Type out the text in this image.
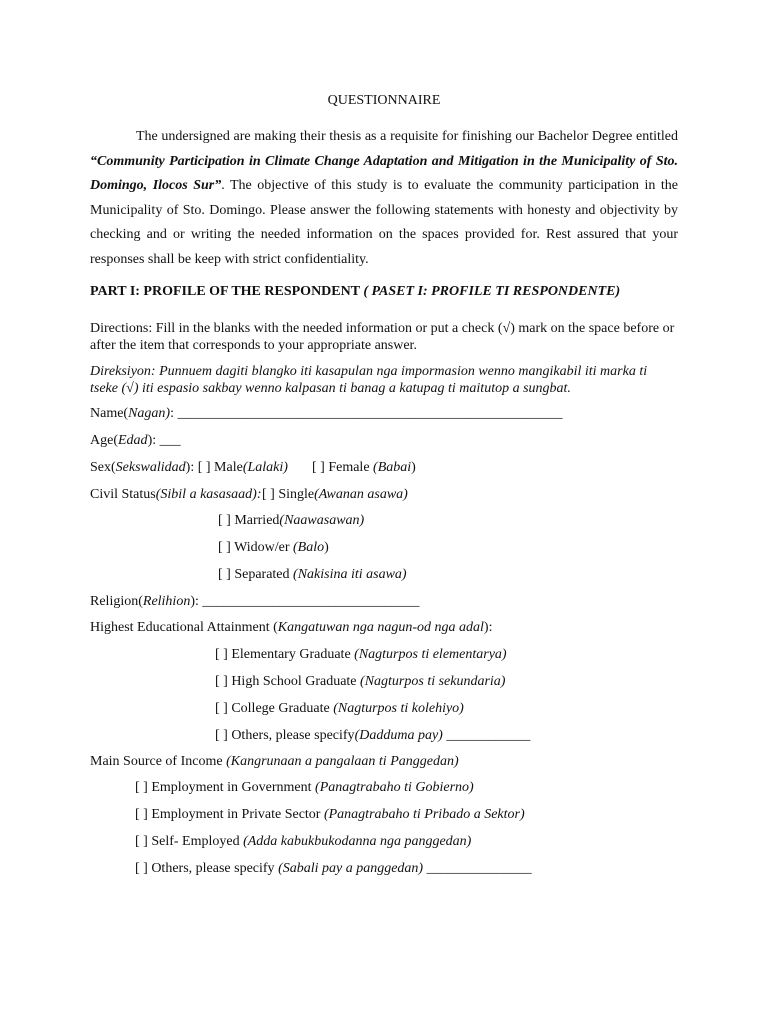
QUESTIONNAIRE

The undersigned are making their thesis as a requisite for finishing our Bachelor Degree entitled “Community Participation in Climate Change Adaptation and Mitigation in the Municipality of Sto. Domingo, Ilocos Sur”. The objective of this study is to evaluate the community participation in the Municipality of Sto. Domingo. Please answer the following statements with honesty and objectivity by checking and or writing the needed information on the spaces provided for. Rest assured that your responses shall be keep with strict confidentiality.

PART I: PROFILE OF THE RESPONDENT ( PASET I: PROFILE TI RESPONDENTE)

Directions: Fill in the blanks with the needed information or put a check (√) mark on the space before or after the item that corresponds to your appropriate answer.

Direksiyon: Punnuem dagiti blangko iti kasapulan nga impormasion wenno mangikabil iti marka ti tseke (√) iti espasio sakbay wenno kalpasan ti banag a katupag ti maitutop a sungbat.

Name(Nagan): _______________________________________________________
Age(Edad): ___
Sex(Sekswalidad): [ ] Male(Lalaki) [ ] Female (Babai)
Civil Status(Sibil a kasasaad): [ ] Single(Awanan asawa)
[ ] Married(Naawasawan)
[ ] Widow/er (Balo)
[ ] Separated (Nakisina iti asawa)
Religion(Relihion): _______________________________
Highest Educational Attainment (Kangatuwan nga nagun-od nga adal):
[ ] Elementary Graduate (Nagturpos ti elementarya)
[ ] High School Graduate (Nagturpos ti sekundaria)
[ ] College Graduate (Nagturpos ti kolehiyo)
[ ] Others, please specify(Dadduma pay) ____________
Main Source of Income (Kangrunaan a pangalaan ti Panggedan)
[ ] Employment in Government (Panagtrabaho ti Gobierno)
[ ] Employment in Private Sector (Panagtrabaho ti Pribado a Sektor)
[ ] Self- Employed (Adda kabukbukodanna nga panggedan)
[ ] Others, please specify (Sabali pay a panggedan) _______________
